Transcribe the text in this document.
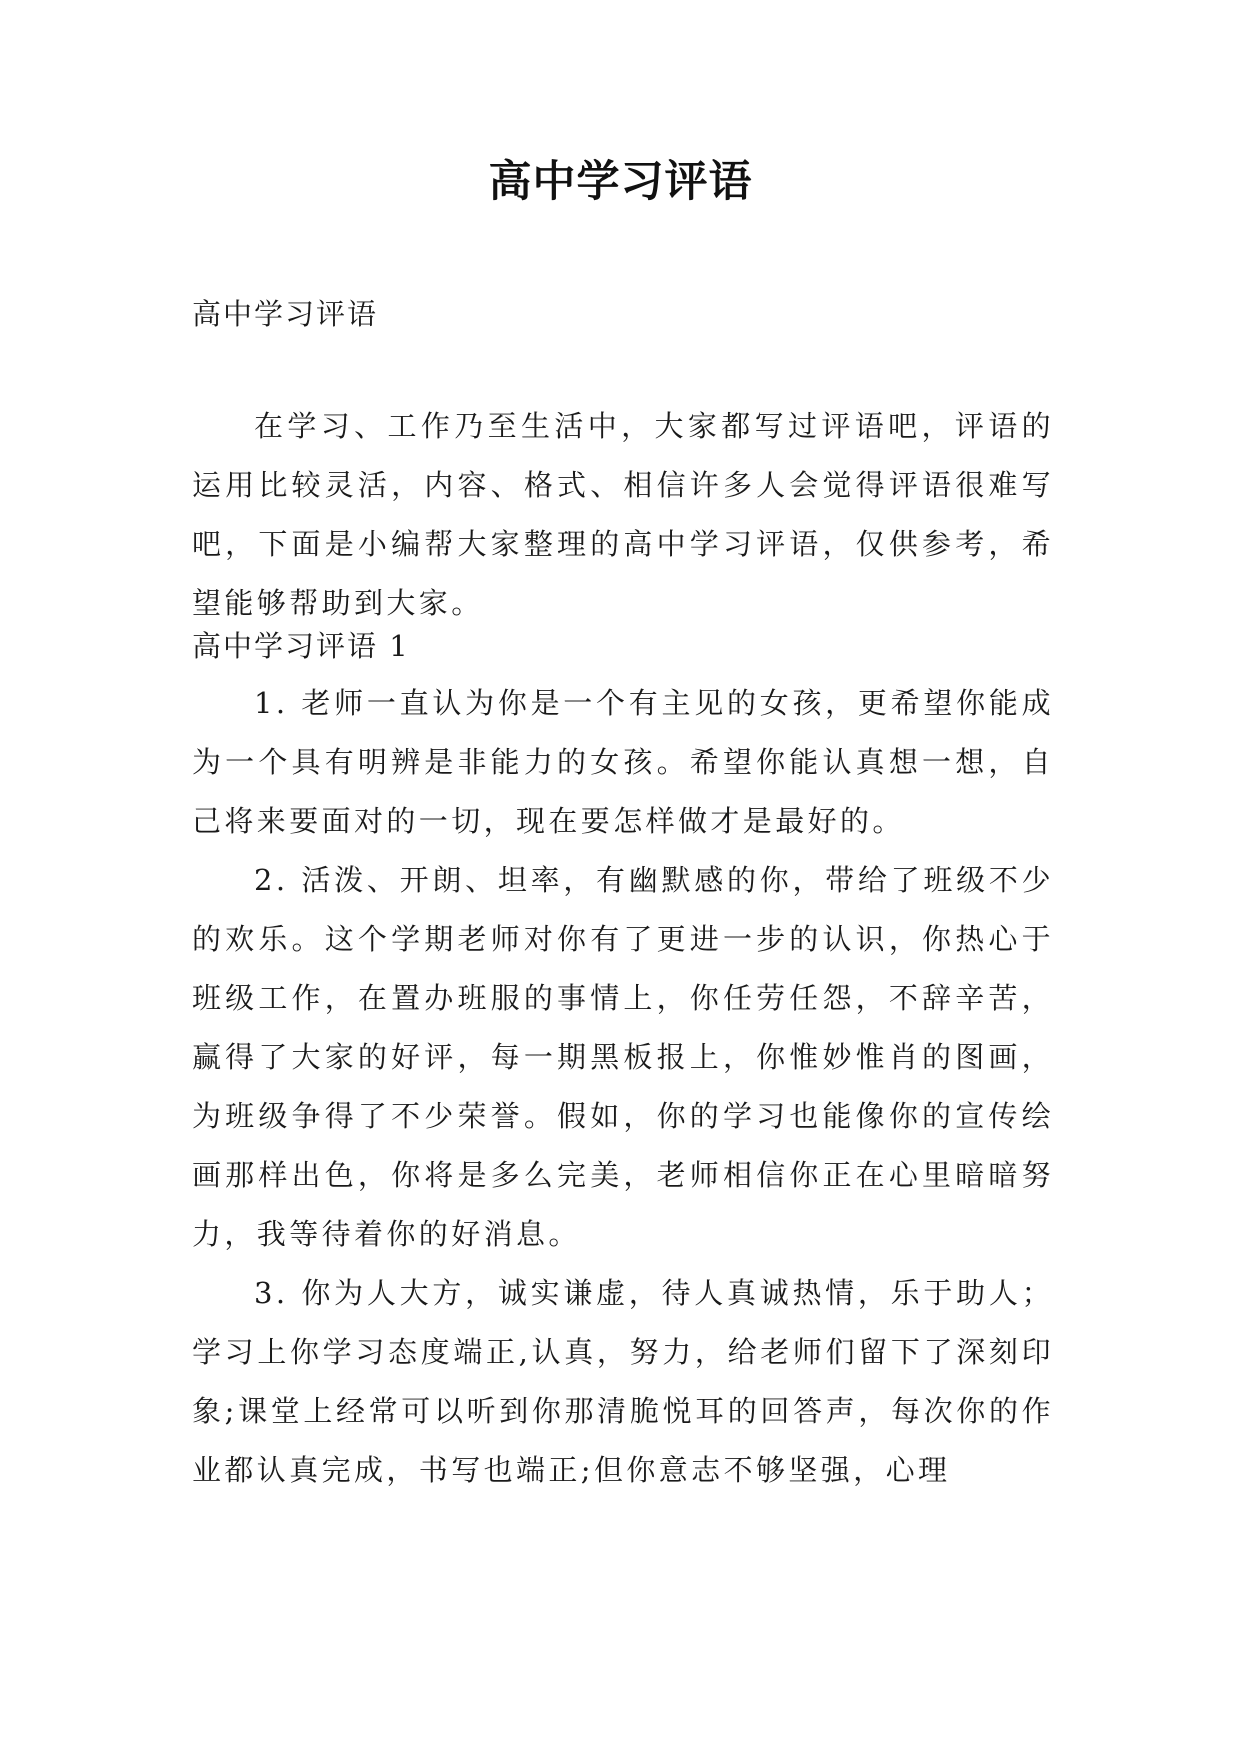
高中学习评语
高中学习评语

在学习、工作乃至生活中，大家都写过评语吧，评语的运用比较灵活，内容、格式、相信许多人会觉得评语很难写吧，下面是小编帮大家整理的高中学习评语，仅供参考，希望能够帮助到大家。

高中学习评语 1

1. 老师一直认为你是一个有主见的女孩，更希望你能成为一个具有明辨是非能力的女孩。希望你能认真想一想，自己将来要面对的一切，现在要怎样做才是最好的。

2. 活泼、开朗、坦率，有幽默感的你，带给了班级不少的欢乐。这个学期老师对你有了更进一步的认识，你热心于班级工作，在置办班服的事情上，你任劳任怨，不辞辛苦，赢得了大家的好评，每一期黑板报上，你惟妙惟肖的图画，为班级争得了不少荣誉。假如，你的学习也能像你的宣传绘画那样出色，你将是多么完美，老师相信你正在心里暗暗努力，我等待着你的好消息。

3. 你为人大方，诚实谦虚，待人真诚热情，乐于助人；学习上你学习态度端正,认真，努力，给老师们留下了深刻印象;课堂上经常可以听到你那清脆悦耳的回答声，每次你的作业都认真完成，书写也端正;但你意志不够坚强，心理
